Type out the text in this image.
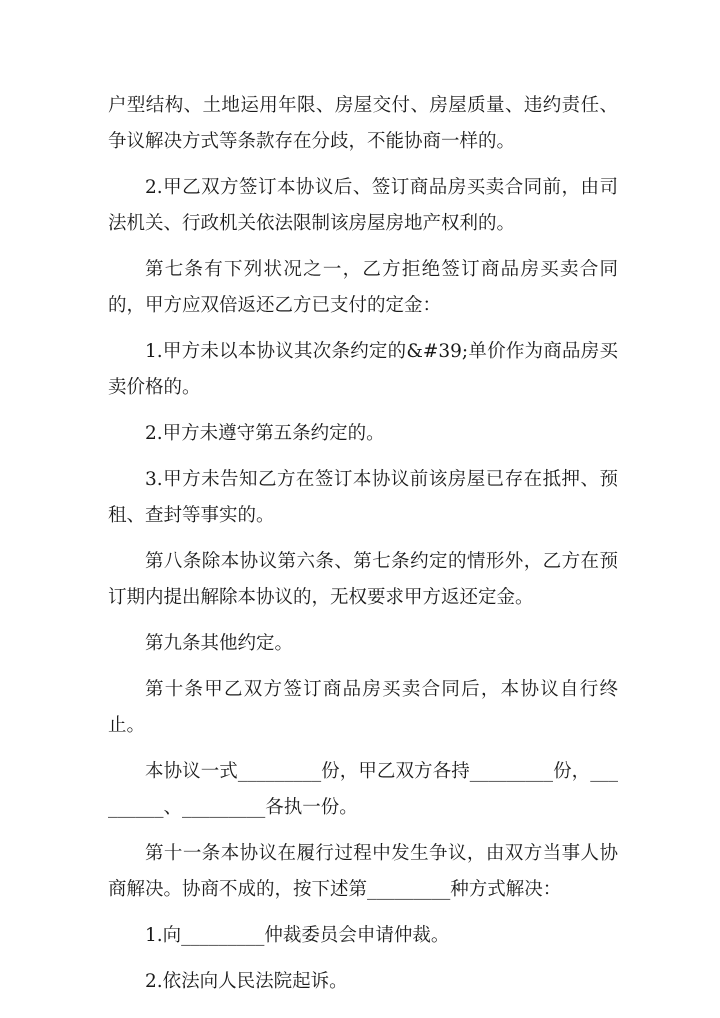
户型结构、土地运用年限、房屋交付、房屋质量、违约责任、争议解决方式等条款存在分歧，不能协商一样的。

2.甲乙双方签订本协议后、签订商品房买卖合同前，由司法机关、行政机关依法限制该房屋房地产权利的。

第七条有下列状况之一，乙方拒绝签订商品房买卖合同的，甲方应双倍返还乙方已支付的定金：

1.甲方未以本协议其次条约定的&#39;单价作为商品房买卖价格的。

2.甲方未遵守第五条约定的。

3.甲方未告知乙方在签订本协议前该房屋已存在抵押、预租、查封等事实的。

第八条除本协议第六条、第七条约定的情形外，乙方在预订期内提出解除本协议的，无权要求甲方返还定金。

第九条其他约定。

第十条甲乙双方签订商品房买卖合同后，本协议自行终止。

本协议一式_________份，甲乙双方各持_________份，_________、_________各执一份。

第十一条本协议在履行过程中发生争议，由双方当事人协商解决。协商不成的，按下述第_________种方式解决：

1.向_________仲裁委员会申请仲裁。

2.依法向人民法院起诉。
